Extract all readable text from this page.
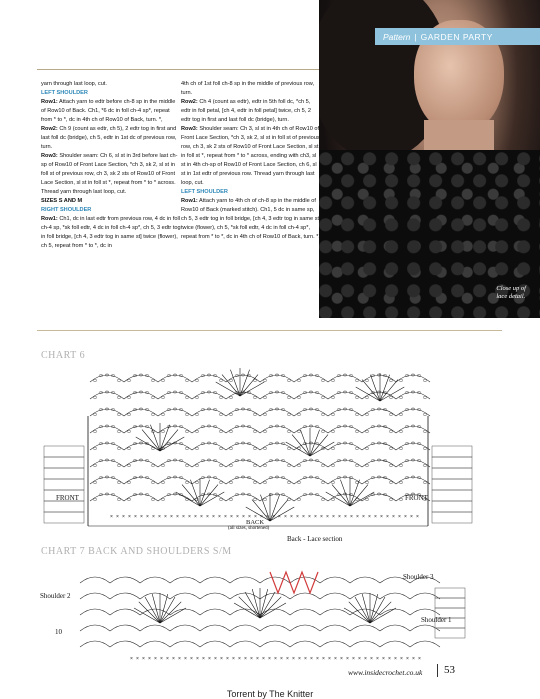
Pattern | GARDEN PARTY
Close up of
lace detail.

yarn through last loop, cut.

LEFT SHOULDER

Row1: Attach yarn to edtr before ch-8 sp in the middle of Row10 of Back. Ch1, *6 dc in foll ch-4 sp*, repeat from * to *, dc in 4th ch of Row10 of Back, turn. *,

Row2: Ch 9 (count as edtr, ch 5), 2 edtr tog in first and last foll dc (bridge), ch 5, edtr in 1st dc of previous row, turn.

Row3: Shoulder seam: Ch 6, sl st in 3rd before last ch-sp of Row10 of Front Lace Section, *ch 3, sk 2, sl st in foll st of previous row, ch 3, sk 2 sts of Row10 of Front Lace Section, sl st in foll st *, repeat from * to * across. Thread yarn through last loop, cut.

SIZES S AND M

RIGHT SHOULDER

Row1: Ch1, dc in last edtr from previous row, 4 dc in foll ch-4 sp, *sk foll edtr, 4 dc in foll ch-4 sp*, ch 5, 3 edtr tog in foll bridge, [ch 4, 3 edtr tog in same st] twice (flower), ch 5, repeat from * to *, dc in

4th ch of 1st foll ch-8 sp in the middle of previous row, turn.

Row2: Ch 4 (count as edtr), edtr in 5th foll dc, *ch 5, edtr in foll petal, [ch 4, edtr in foll petal] twice, ch 5, 2 edtr tog in first and last foll dc (bridge), turn.

Row3: Shoulder seam: Ch 3, sl st in 4th ch of Row10 of Front Lace Section, *ch 3, sk 2, sl st in foll st of previous row, ch 3, sk 2 sts of Row10 of Front Lace Section, sl st in foll st *, repeat from * to * across, ending with ch3, sl st in 4th ch-sp of Row10 of Front Lace Section, ch 6, sl st in 1st edtr of previous row. Thread yarn through last loop, cut.

LEFT SHOULDER

Row1: Attach yarn to 4th ch of ch-8 sp in the middle of Row10 of Back (marked stitch). Ch1, 5 dc in same sp, ch 5, 3 edtr tog in foll bridge, [ch 4, 3 edtr tog in same st] twice (flower), ch 5, *sk foll edtr, 4 dc in foll ch-4 sp*, repeat from * to *, dc in 4th ch of Row10 of Back, turn. *,

CHART 6
× × × × × × × × × × × × × × × × × × × × × × × × × × × × × × × × × × × × × × × × × × × × × × × × × × × ×
FRONT	FRONT
BACK
(all sizes, shortened)
Back - Lace section
CHART 7 BACK AND SHOULDERS S/M
× × × × × × × × × × × × × × × × × × × × × × × × × × × × × × × × × × × × × × × × × × × × × × × × ×
Shoulder 2
Shoulder 3
Shoulder 1
10
www.insidecrochet.co.uk 53
Torrent by The Knitter
